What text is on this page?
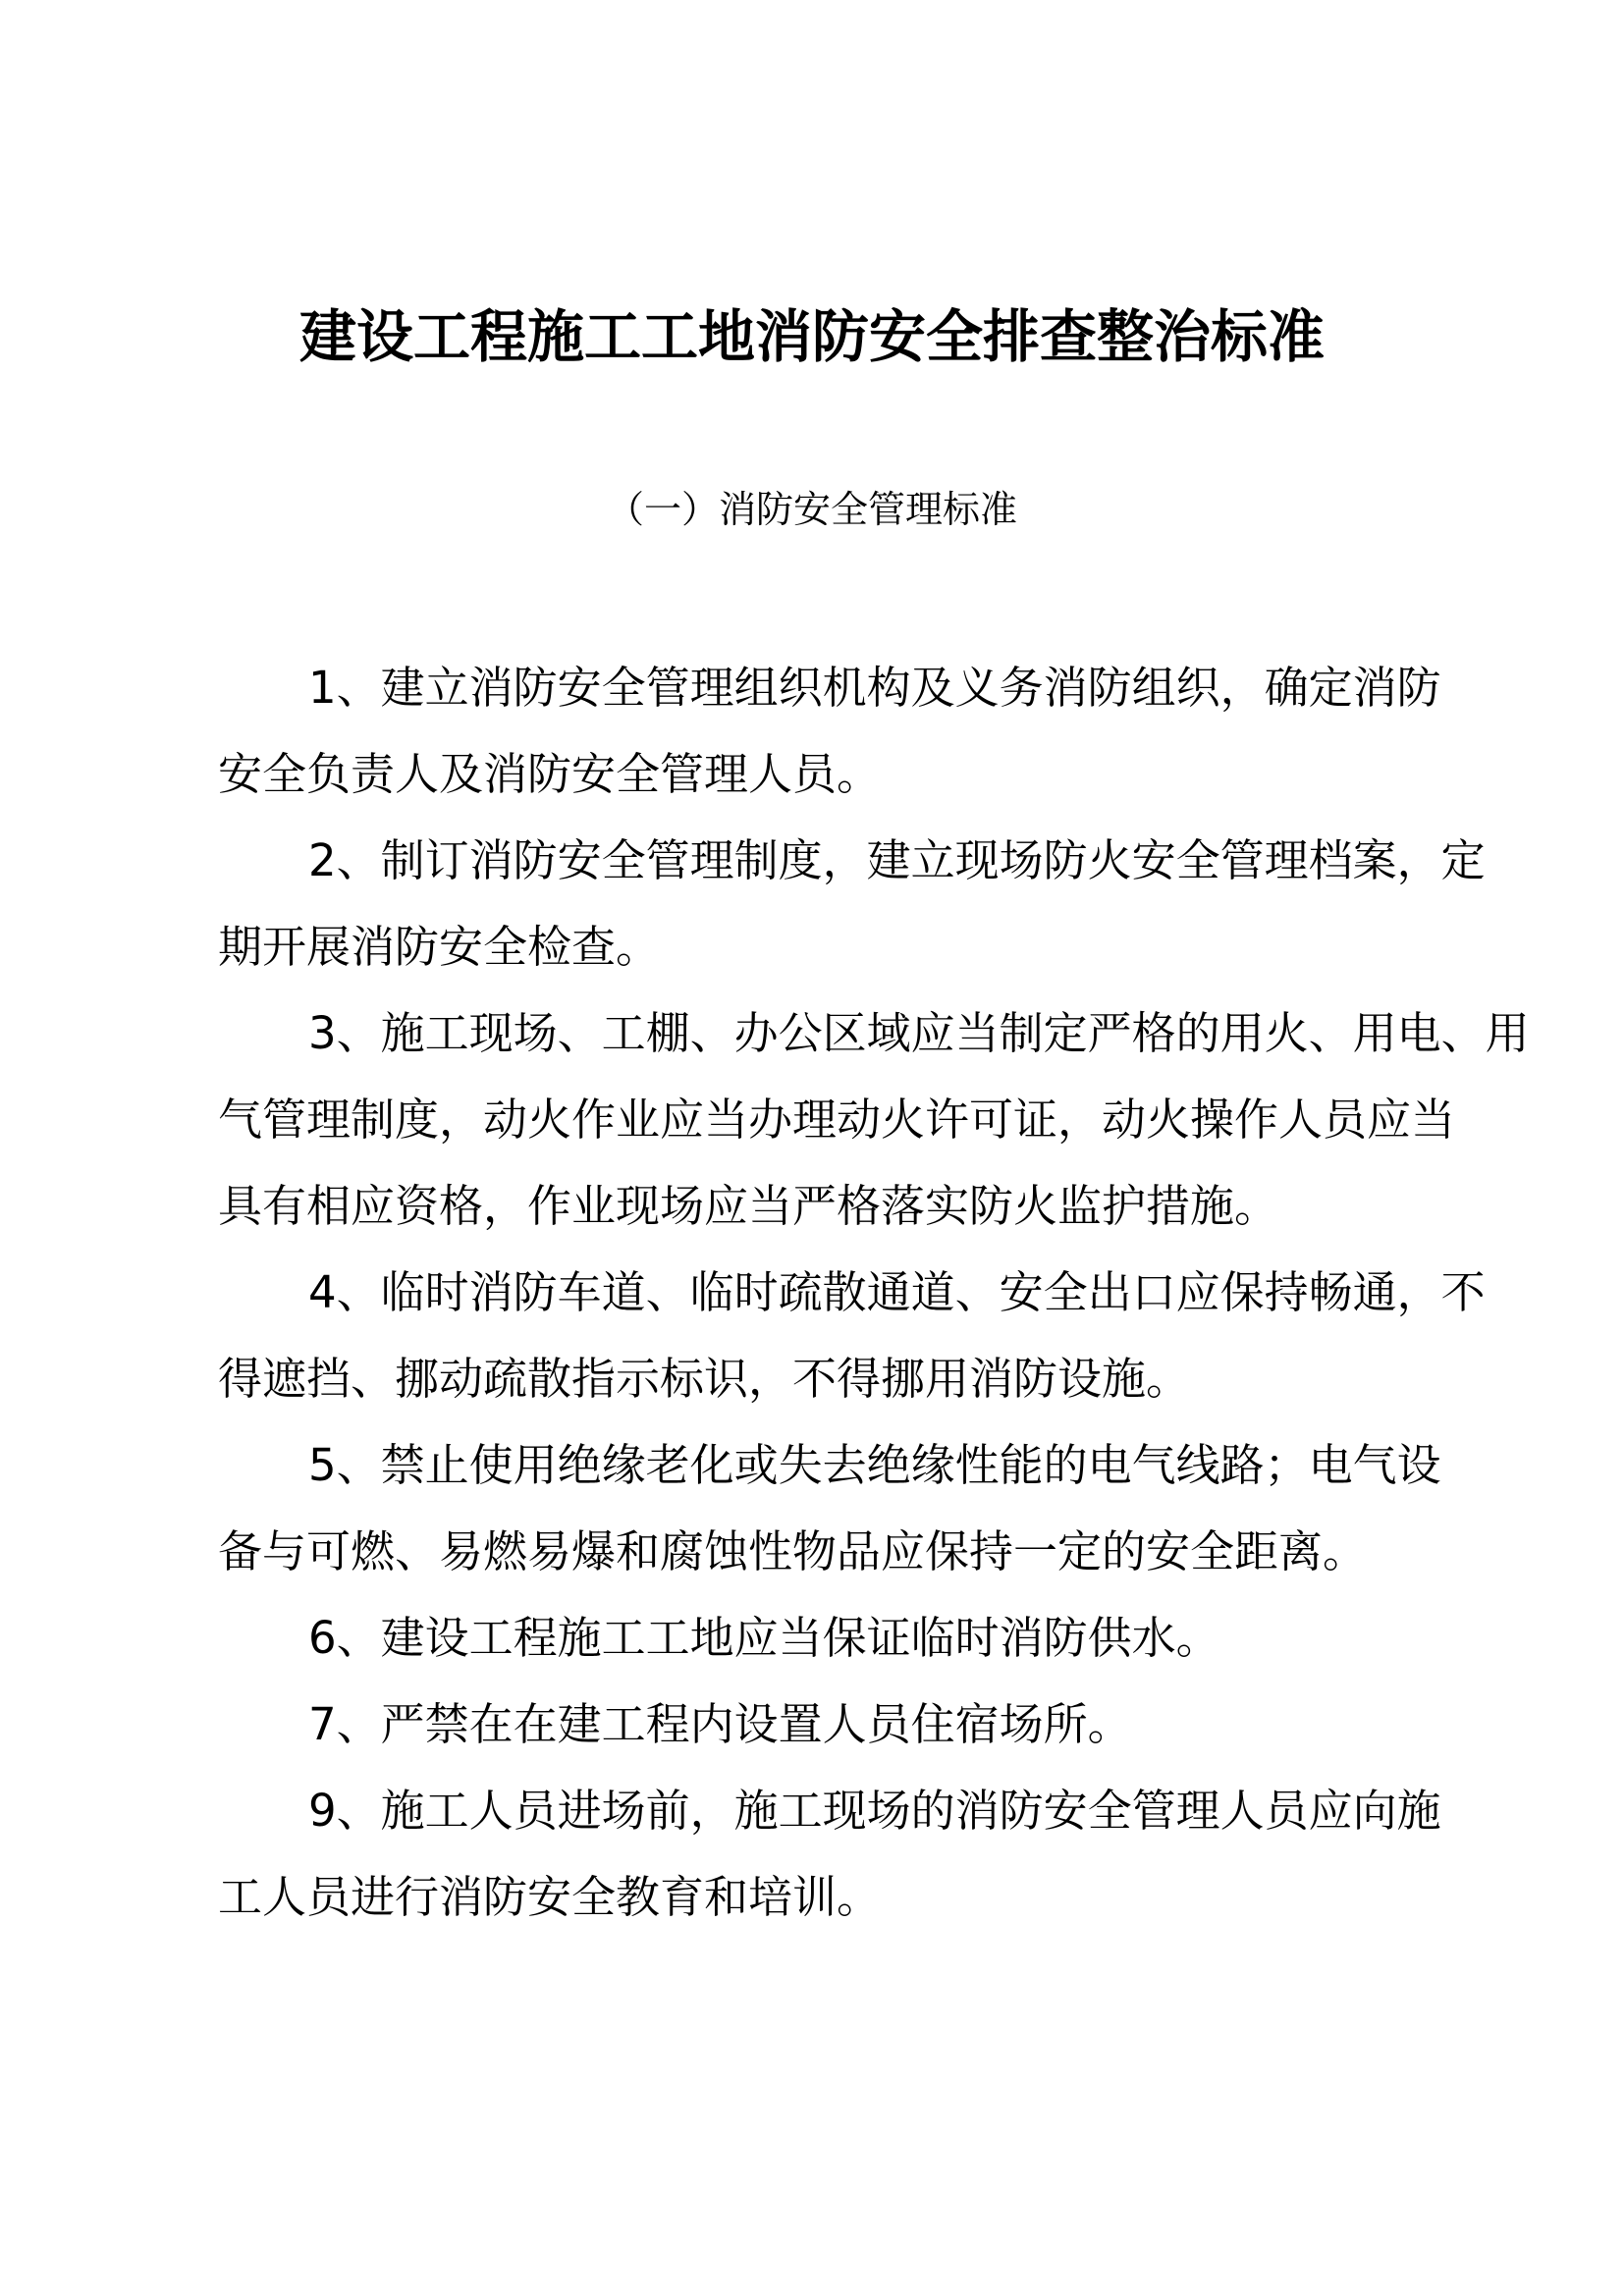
建设工程施工工地消防安全排查整治标准
（一）消防安全管理标准
1、建立消防安全管理组织机构及义务消防组织，确定消防
安全负责人及消防安全管理人员。
2、制订消防安全管理制度，建立现场防火安全管理档案，定
期开展消防安全检查。
3、施工现场、工棚、办公区域应当制定严格的用火、用电、用
气管理制度，动火作业应当办理动火许可证，动火操作人员应当
具有相应资格，作业现场应当严格落实防火监护措施。
4、临时消防车道、临时疏散通道、安全出口应保持畅通，不
得遮挡、挪动疏散指示标识，不得挪用消防设施。
5、禁止使用绝缘老化或失去绝缘性能的电气线路；电气设
备与可燃、易燃易爆和腐蚀性物品应保持一定的安全距离。
6、建设工程施工工地应当保证临时消防供水。
7、严禁在在建工程内设置人员住宿场所。
9、施工人员进场前，施工现场的消防安全管理人员应向施
工人员进行消防安全教育和培训。
